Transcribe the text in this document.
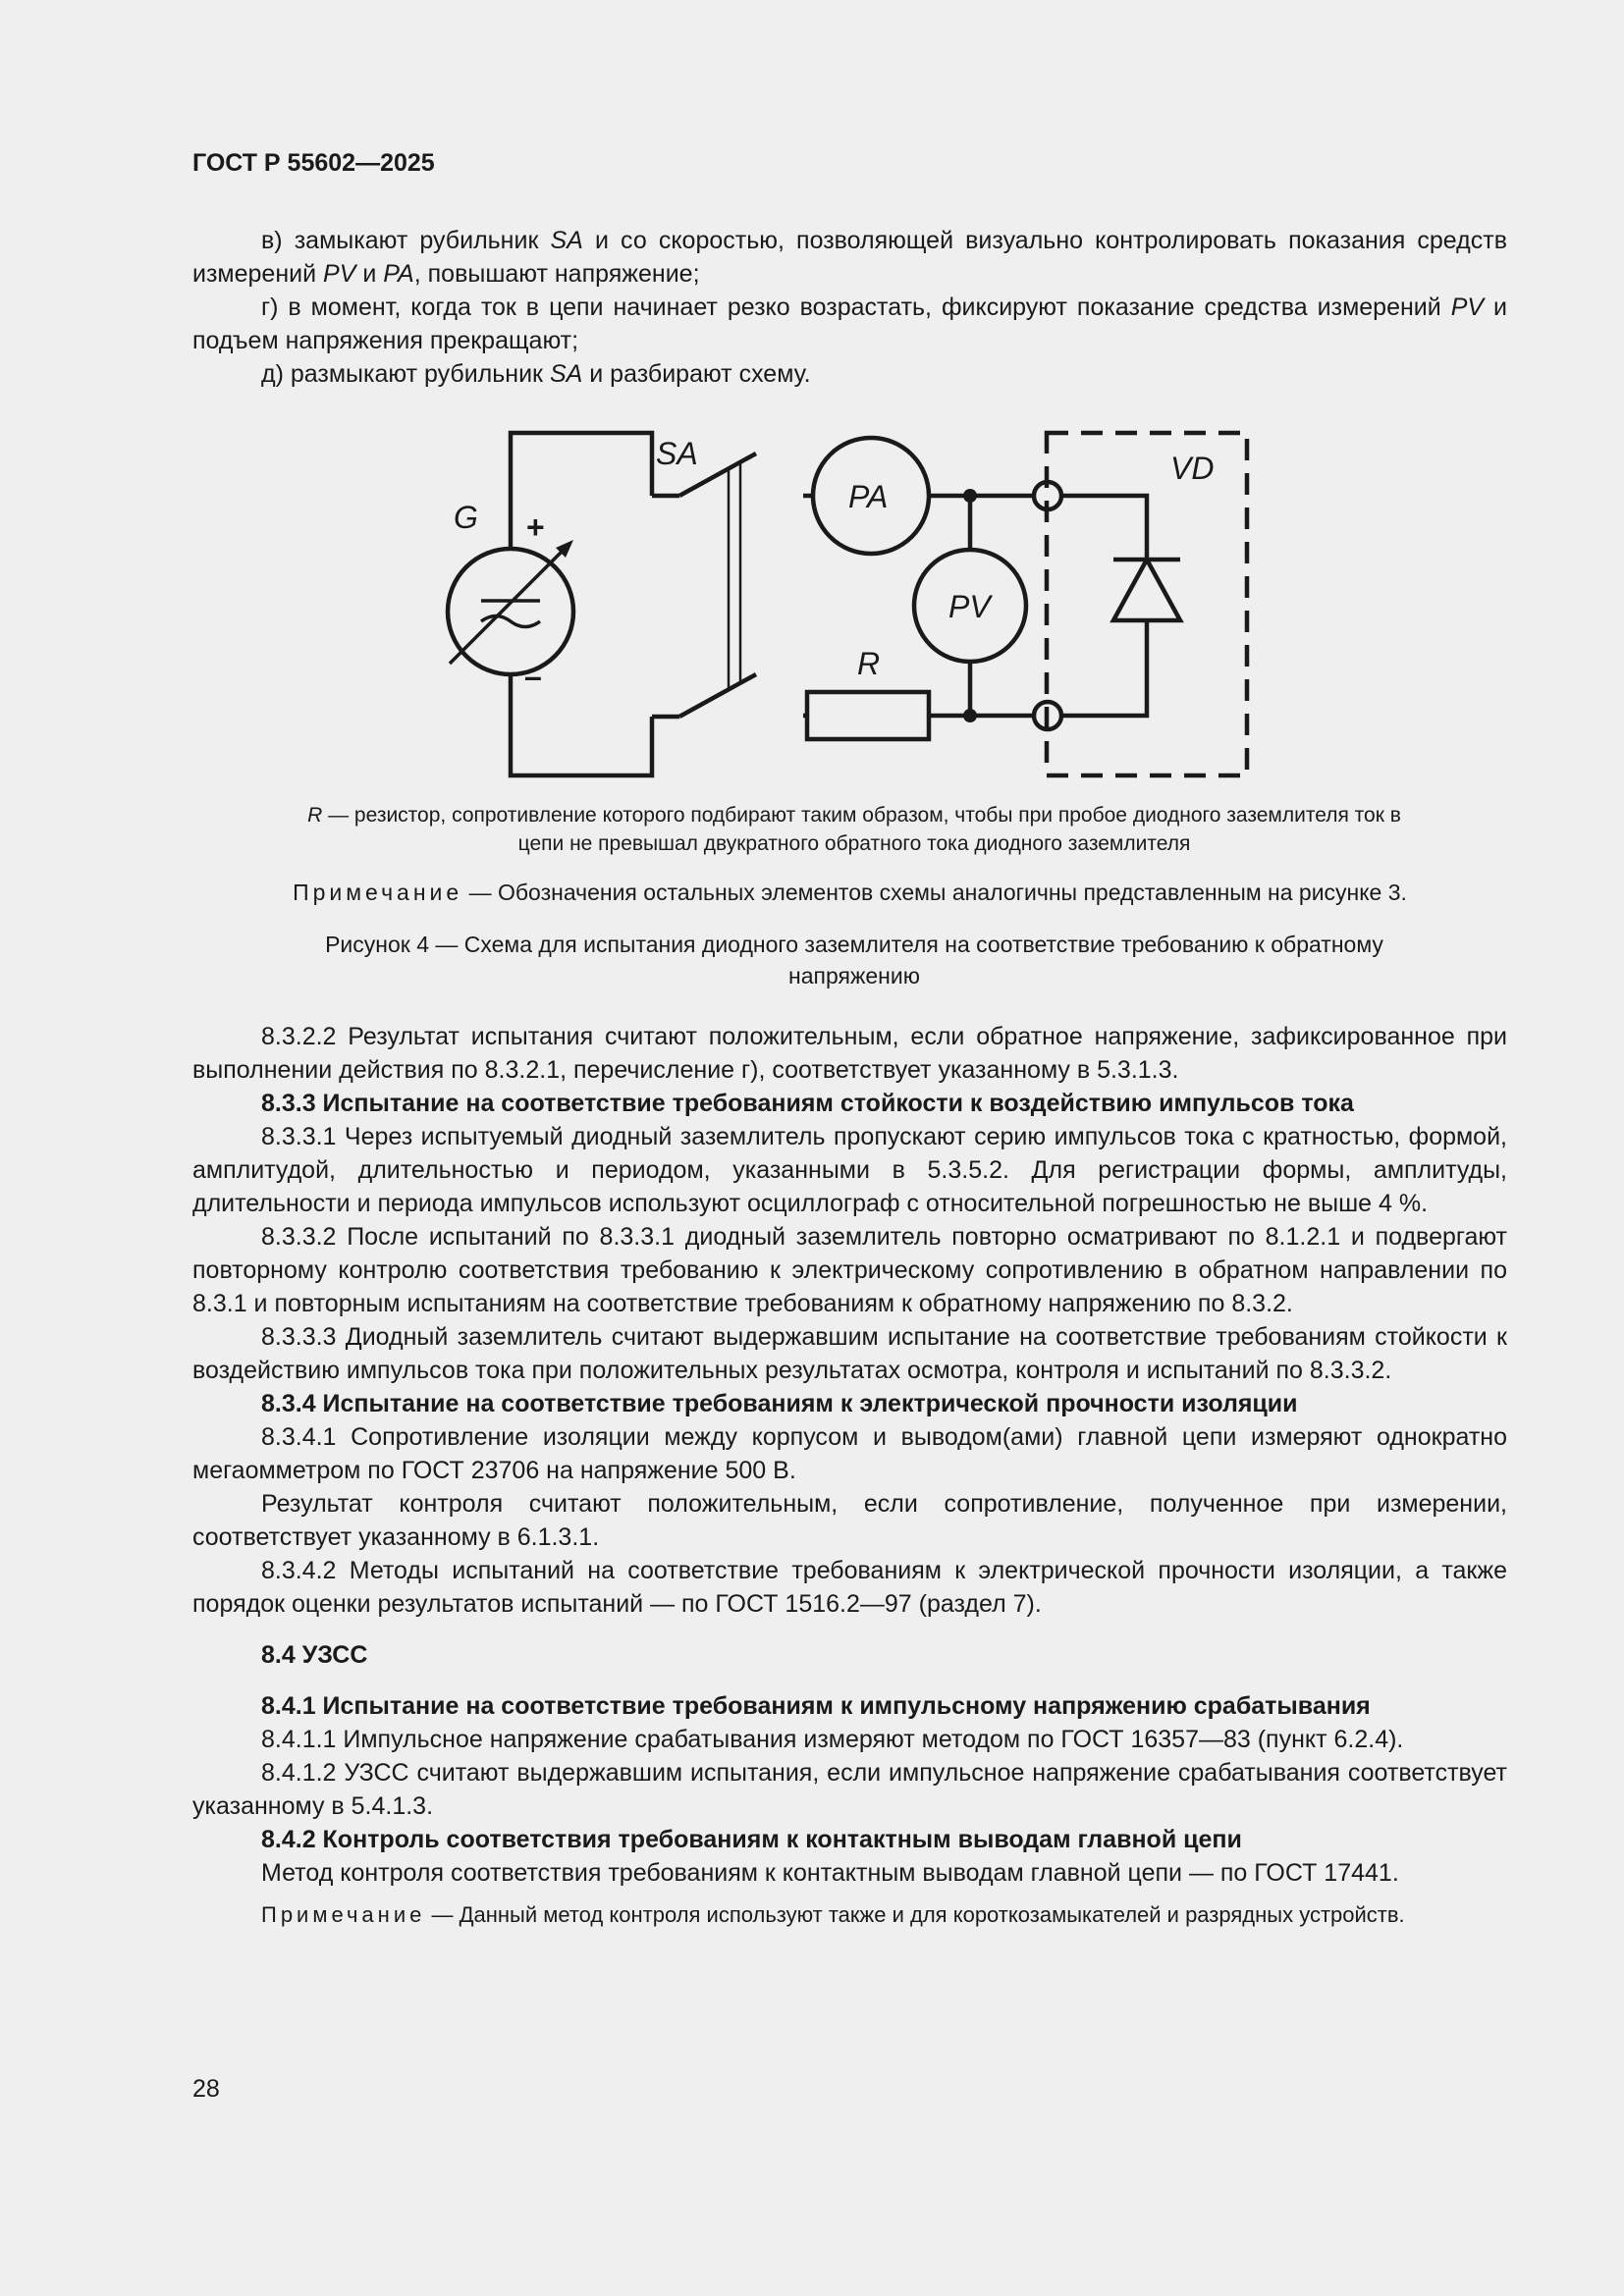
ГОСТ Р 55602—2025

в) замыкают рубильник SA и со скоростью, позволяющей визуально контролировать показания средств измерений PV и PA, повышают напряжение;

г) в момент, когда ток в цепи начинает резко возрастать, фиксируют показание средства измерений PV и подъем напряжения прекращают;

д) размыкают рубильник SA и разбирают схему.

G
SA
PA
PV
R
VD
+
–
R — резистор, сопротивление которого подбирают таким образом, чтобы при пробое диодного заземлителя ток в цепи не превышал двукратного обратного тока диодного заземлителя
Примечание — Обозначения остальных элементов схемы аналогичны представленным на рисунке 3.
Рисунок 4 — Схема для испытания диодного заземлителя на соответствие требованию к обратному напряжению

8.3.2.2 Результат испытания считают положительным, если обратное напряжение, зафиксированное при выполнении действия по 8.3.2.1, перечисление г), соответствует указанному в 5.3.1.3.

8.3.3 Испытание на соответствие требованиям стойкости к воздействию импульсов тока

8.3.3.1 Через испытуемый диодный заземлитель пропускают серию импульсов тока с кратностью, формой, амплитудой, длительностью и периодом, указанными в 5.3.5.2. Для регистрации формы, амплитуды, длительности и периода импульсов используют осциллограф с относительной погрешностью не выше 4 %.

8.3.3.2 После испытаний по 8.3.3.1 диодный заземлитель повторно осматривают по 8.1.2.1 и подвергают повторному контролю соответствия требованию к электрическому сопротивлению в обратном направлении по 8.3.1 и повторным испытаниям на соответствие требованиям к обратному напряжению по 8.3.2.

8.3.3.3 Диодный заземлитель считают выдержавшим испытание на соответствие требованиям стойкости к воздействию импульсов тока при положительных результатах осмотра, контроля и испытаний по 8.3.3.2.

8.3.4 Испытание на соответствие требованиям к электрической прочности изоляции

8.3.4.1 Сопротивление изоляции между корпусом и выводом(ами) главной цепи измеряют однократно мегаомметром по ГОСТ 23706 на напряжение 500 В.

Результат контроля считают положительным, если сопротивление, полученное при измерении, соответствует указанному в 6.1.3.1.

8.3.4.2 Методы испытаний на соответствие требованиям к электрической прочности изоляции, а также порядок оценки результатов испытаний — по ГОСТ 1516.2—97 (раздел 7).

8.4 УЗСС

8.4.1 Испытание на соответствие требованиям к импульсному напряжению срабатывания

8.4.1.1 Импульсное напряжение срабатывания измеряют методом по ГОСТ 16357—83 (пункт 6.2.4).

8.4.1.2 УЗСС считают выдержавшим испытания, если импульсное напряжение срабатывания соответствует указанному в 5.4.1.3.

8.4.2 Контроль соответствия требованиям к контактным выводам главной цепи

Метод контроля соответствия требованиям к контактным выводам главной цепи — по ГОСТ 17441.

Примечание — Данный метод контроля используют также и для короткозамыкателей и разрядных устройств.

28
